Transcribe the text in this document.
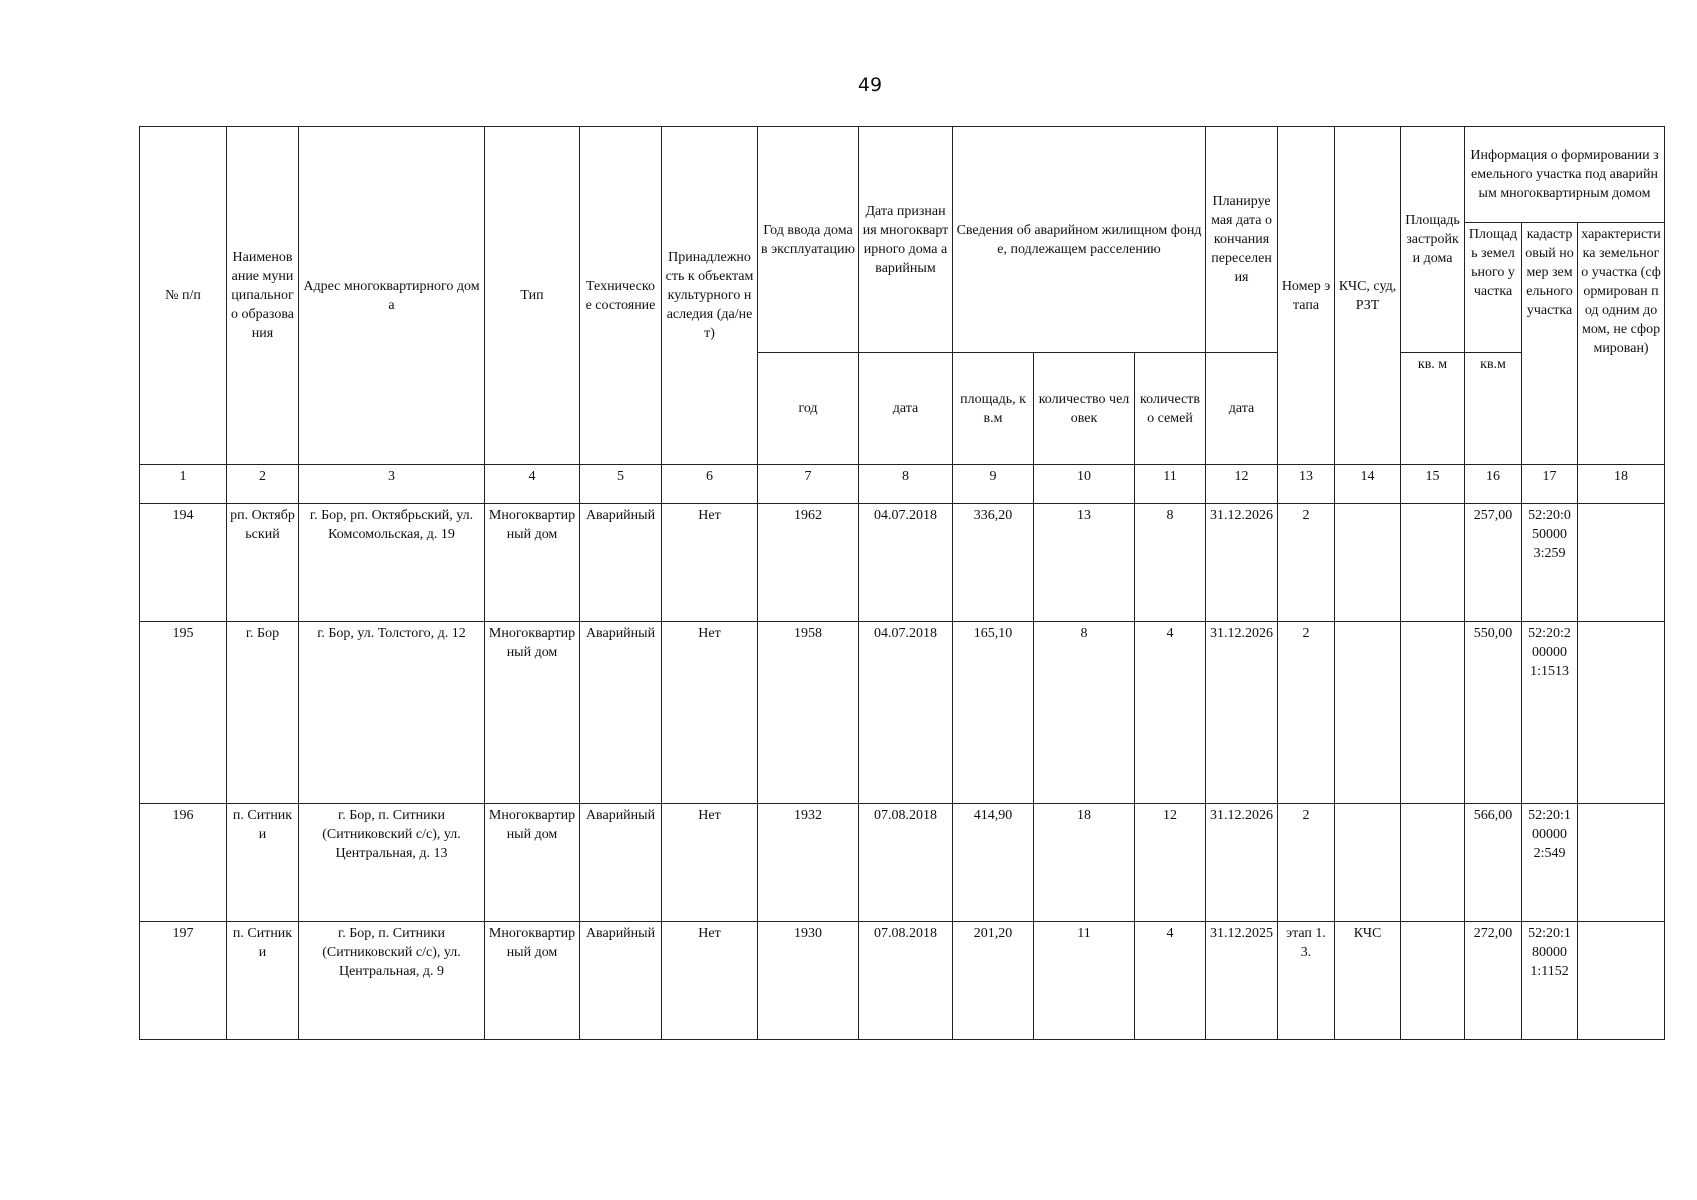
49
№ п/п	Наименование муниципального образования	Адрес многоквартирного дома	Тип	Техническое состояние	Принадлежность к объектам культурного наследия (да/нет)	Год ввода дома в эксплуатацию	Дата признания многоквартирного дома аварийным	Сведения об аварийном жилищном фонде, подлежащем расселению			Планируемая дата окончания переселения	Номер этапа	КЧС, суд, РЗТ	Площадь застройки дома	Информация о формировании земельного участка под аварийным многоквартирным домом		
															Площадь земельного участка	кадастровый номер земельного участка	характеристика земельного участка (сформирован под одним домом, не сформирован)
						год	дата	площадь, кв.м	количество человек	количество семей	дата			кв. м	кв.м		
1	2	3	4	5	6	7	8	9	10	11	12	13	14	15	16	17	18
194	рп. Октябрьский	г. Бор, рп. Октябрьский, ул. Комсомольская, д. 19	Многоквартирный дом	Аварийный	Нет	1962	04.07.2018	336,20	13	8	31.12.2026	2			257,00	52:20:050000 3:259	
195	г. Бор	г. Бор, ул. Толстого, д. 12	Многоквартирный дом	Аварийный	Нет	1958	04.07.2018	165,10	8	4	31.12.2026	2			550,00	52:20:200000 1:1513	
196	п. Ситники	г. Бор, п. Ситники (Ситниковский с/с), ул. Центральная, д. 13	Многоквартирный дом	Аварийный	Нет	1932	07.08.2018	414,90	18	12	31.12.2026	2			566,00	52:20:100000 2:549	
197	п. Ситники	г. Бор, п. Ситники (Ситниковский с/с), ул. Центральная, д. 9	Многоквартирный дом	Аварийный	Нет	1930	07.08.2018	201,20	11	4	31.12.2025	этап 1.3.	КЧС		272,00	52:20:180000 1:1152	
